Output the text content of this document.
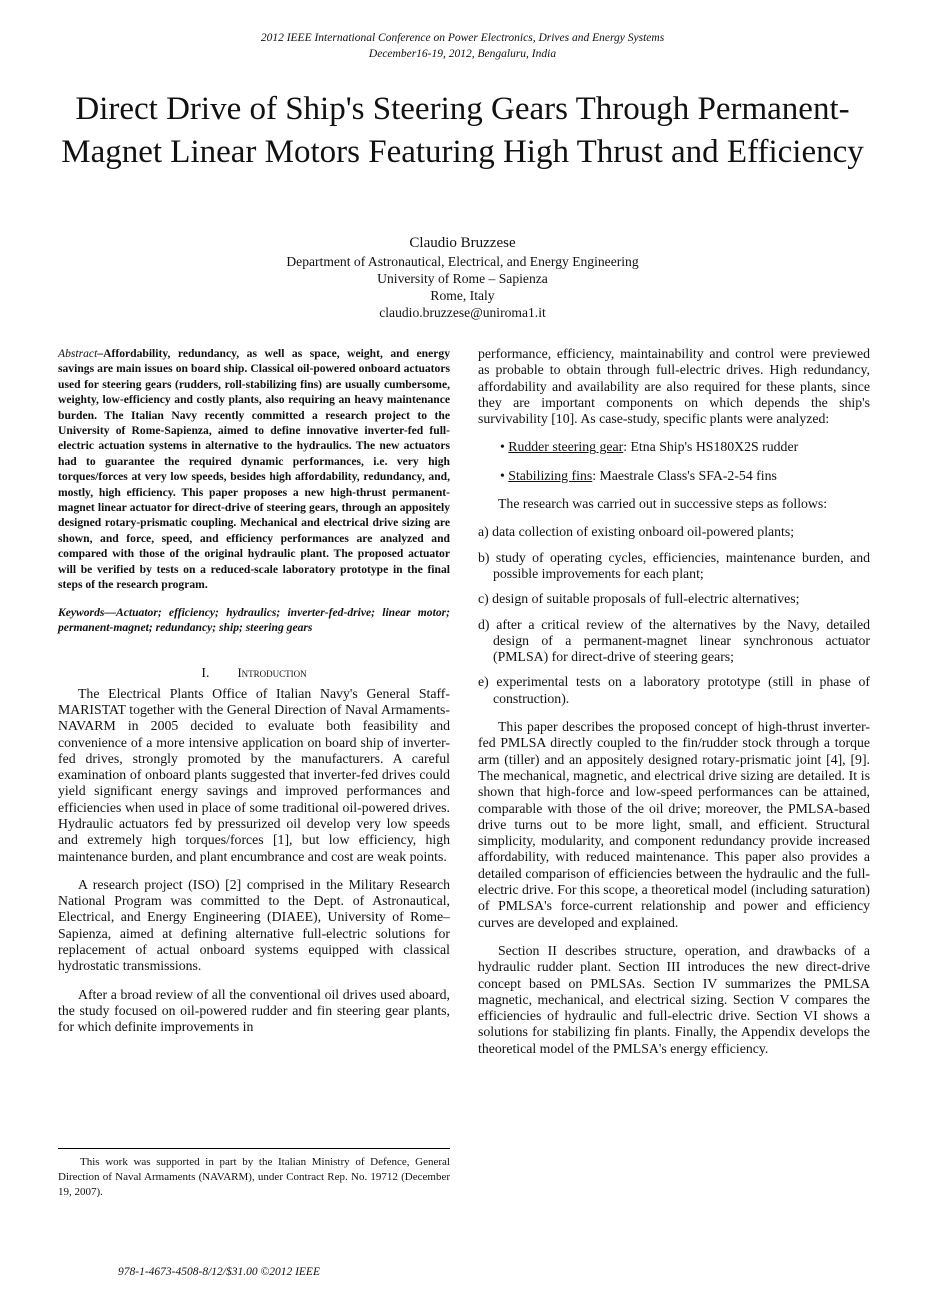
2012 IEEE International Conference on Power Electronics, Drives and Energy Systems
December16-19, 2012, Bengaluru, India
Direct Drive of Ship's Steering Gears Through Permanent-Magnet Linear Motors Featuring High Thrust and Efficiency
Claudio Bruzzese
Department of Astronautical, Electrical, and Energy Engineering
University of Rome – Sapienza
Rome, Italy
claudio.bruzzese@uniroma1.it
Abstract–Affordability, redundancy, as well as space, weight, and energy savings are main issues on board ship. Classical oil-powered onboard actuators used for steering gears (rudders, roll-stabilizing fins) are usually cumbersome, weighty, low-efficiency and costly plants, also requiring an heavy maintenance burden. The Italian Navy recently committed a research project to the University of Rome-Sapienza, aimed to define innovative inverter-fed full-electric actuation systems in alternative to the hydraulics. The new actuators had to guarantee the required dynamic performances, i.e. very high torques/forces at very low speeds, besides high affordability, redundancy, and, mostly, high efficiency. This paper proposes a new high-thrust permanent-magnet linear actuator for direct-drive of steering gears, through an appositely designed rotary-prismatic coupling. Mechanical and electrical drive sizing are shown, and force, speed, and efficiency performances are analyzed and compared with those of the original hydraulic plant. The proposed actuator will be verified by tests on a reduced-scale laboratory prototype in the final steps of the research program.
Keywords—Actuator; efficiency; hydraulics; inverter-fed-drive; linear motor; permanent-magnet; redundancy; ship; steering gears
I. Introduction

The Electrical Plants Office of Italian Navy's General Staff-MARISTAT together with the General Direction of Naval Armaments-NAVARM in 2005 decided to evaluate both feasibility and convenience of a more intensive application on board ship of inverter-fed drives, strongly promoted by the manufacturers. A careful examination of onboard plants suggested that inverter-fed drives could yield significant energy savings and improved performances and efficiencies when used in place of some traditional oil-powered drives. Hydraulic actuators fed by pressurized oil develop very low speeds and extremely high torques/forces [1], but low efficiency, high maintenance burden, and plant encumbrance and cost are weak points.

A research project (ISO) [2] comprised in the Military Research National Program was committed to the Dept. of Astronautical, Electrical, and Energy Engineering (DIAEE), University of Rome–Sapienza, aimed at defining alternative full-electric solutions for replacement of actual onboard systems equipped with classical hydrostatic transmissions.

After a broad review of all the conventional oil drives used aboard, the study focused on oil-powered rudder and fin steering gear plants, for which definite improvements in

performance, efficiency, maintainability and control were previewed as probable to obtain through full-electric drives. High redundancy, affordability and availability are also required for these plants, since they are important components on which depends the ship's survivability [10]. As case-study, specific plants were analyzed:

• Rudder steering gear: Etna Ship's HS180X2S rudder
• Stabilizing fins: Maestrale Class's SFA-2-54 fins

The research was carried out in successive steps as follows:

a) data collection of existing onboard oil-powered plants;
b) study of operating cycles, efficiencies, maintenance burden, and possible improvements for each plant;
c) design of suitable proposals of full-electric alternatives;
d) after a critical review of the alternatives by the Navy, detailed design of a permanent-magnet linear synchronous actuator (PMLSA) for direct-drive of steering gears;
e) experimental tests on a laboratory prototype (still in phase of construction).

This paper describes the proposed concept of high-thrust inverter-fed PMLSA directly coupled to the fin/rudder stock through a torque arm (tiller) and an appositely designed rotary-prismatic joint [4], [9]. The mechanical, magnetic, and electrical drive sizing are detailed. It is shown that high-force and low-speed performances can be attained, comparable with those of the oil drive; moreover, the PMLSA-based drive turns out to be more light, small, and efficient. Structural simplicity, modularity, and component redundancy provide increased affordability, with reduced maintenance. This paper also provides a detailed comparison of efficiencies between the hydraulic and the full-electric drive. For this scope, a theoretical model (including saturation) of PMLSA's force-current relationship and power and efficiency curves are developed and explained.

Section II describes structure, operation, and drawbacks of a hydraulic rudder plant. Section III introduces the new direct-drive concept based on PMLSAs. Section IV summarizes the PMLSA magnetic, mechanical, and electrical sizing. Section V compares the efficiencies of hydraulic and full-electric drive. Section VI shows a solutions for stabilizing fin plants. Finally, the Appendix develops the theoretical model of the PMLSA's energy efficiency.

This work was supported in part by the Italian Ministry of Defence, General Direction of Naval Armaments (NAVARM), under Contract Rep. No. 19712 (December 19, 2007).
978-1-4673-4508-8/12/$31.00 ©2012 IEEE
